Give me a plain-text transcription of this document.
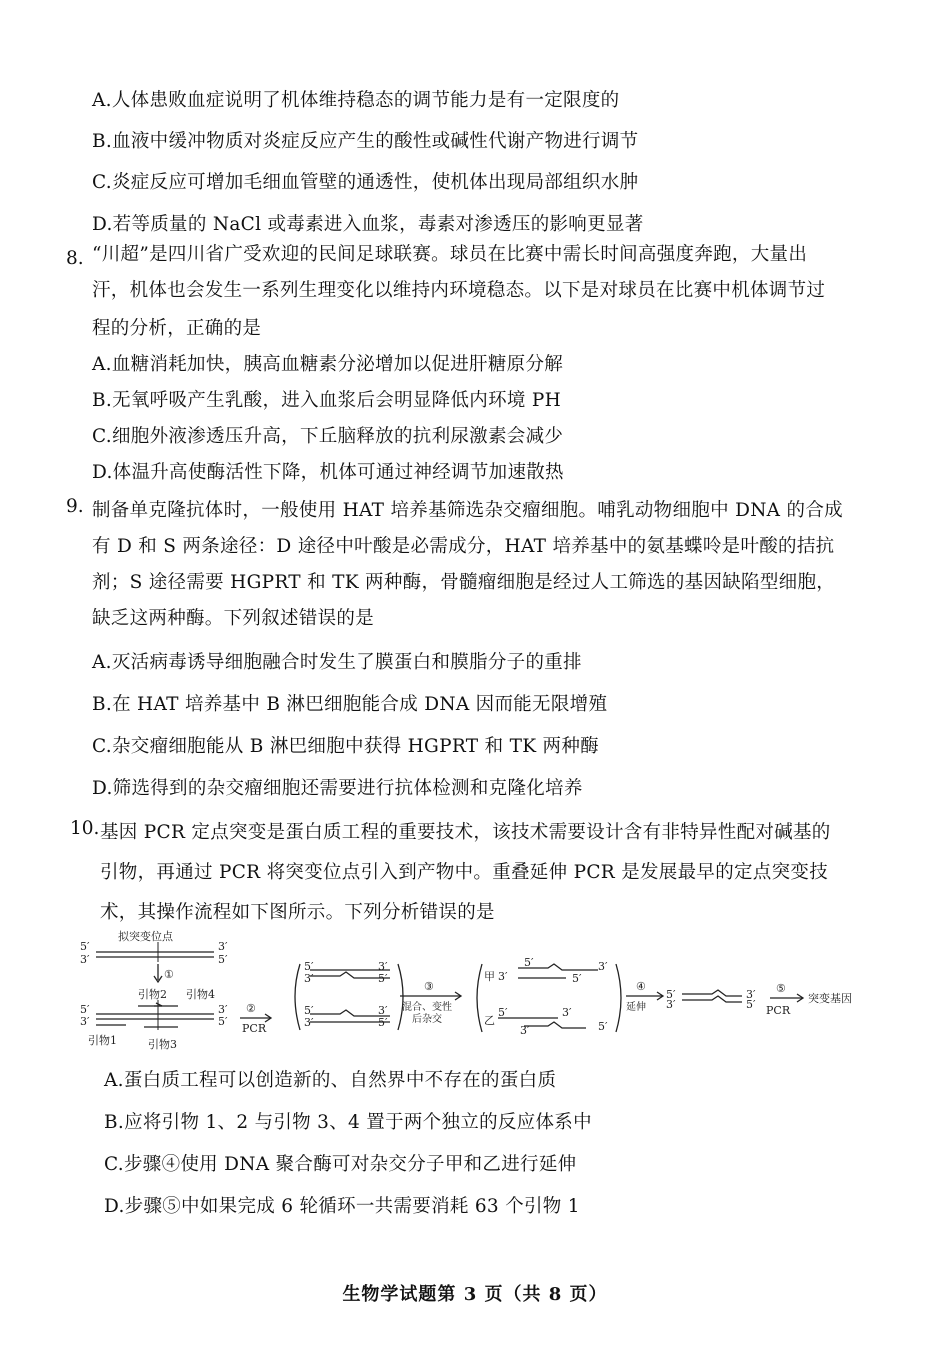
A.人体患败血症说明了机体维持稳态的调节能力是有一定限度的
B.血液中缓冲物质对炎症反应产生的酸性或碱性代谢产物进行调节
C.炎症反应可增加毛细血管壁的通透性，使机体出现局部组织水肿
D.若等质量的 NaCl 或毒素进入血浆，毒素对渗透压的影响更显著
8. “川超”是四川省广受欢迎的民间足球联赛。球员在比赛中需长时间高强度奔跑，大量出
汗，机体也会发生一系列生理变化以维持内环境稳态。以下是对球员在比赛中机体调节过
程的分析，正确的是
A.血糖消耗加快，胰高血糖素分泌增加以促进肝糖原分解
B.无氧呼吸产生乳酸，进入血浆后会明显降低内环境 PH
C.细胞外液渗透压升高，下丘脑释放的抗利尿激素会减少
D.体温升高使酶活性下降，机体可通过神经调节加速散热
9. 制备单克隆抗体时，一般使用 HAT 培养基筛选杂交瘤细胞。哺乳动物细胞中 DNA 的合成
有 D 和 S 两条途径：D 途径中叶酸是必需成分，HAT 培养基中的氨基蝶呤是叶酸的拮抗
剂；S 途径需要 HGPRT 和 TK 两种酶，骨髓瘤细胞是经过人工筛选的基因缺陷型细胞，
缺乏这两种酶。下列叙述错误的是
A.灭活病毒诱导细胞融合时发生了膜蛋白和膜脂分子的重排
B.在 HAT 培养基中 B 淋巴细胞能合成 DNA 因而能无限增殖
C.杂交瘤细胞能从 B 淋巴细胞中获得 HGPRT 和 TK 两种酶
D.筛选得到的杂交瘤细胞还需要进行抗体检测和克隆化培养
10. 基因 PCR 定点突变是蛋白质工程的重要技术，该技术需要设计含有非特异性配对碱基的
引物，再通过 PCR 将突变位点引入到产物中。重叠延伸 PCR 是发展最早的定点突变技
术，其操作流程如下图所示。下列分析错误的是
5′
3′
3′
5′
拟突变位点
①
引物2 引物4
5′
3′
3′
5′
引物1	引物3
②
PCR
5′
3′
3′
5′
5′
3′
3′
5′
③
混合、变性
后杂交
甲 3′
5′	3′
5′
乙
5′	3′
3′	5′
④
延伸
5′
3′
3′
5′
⑤
PCR
突变基因
A.蛋白质工程可以创造新的、自然界中不存在的蛋白质
B.应将引物 1、2 与引物 3、4 置于两个独立的反应体系中
C.步骤④使用 DNA 聚合酶可对杂交分子甲和乙进行延伸
D.步骤⑤中如果完成 6 轮循环一共需要消耗 63 个引物 1
生物学试题第 3 页（共 8 页）
